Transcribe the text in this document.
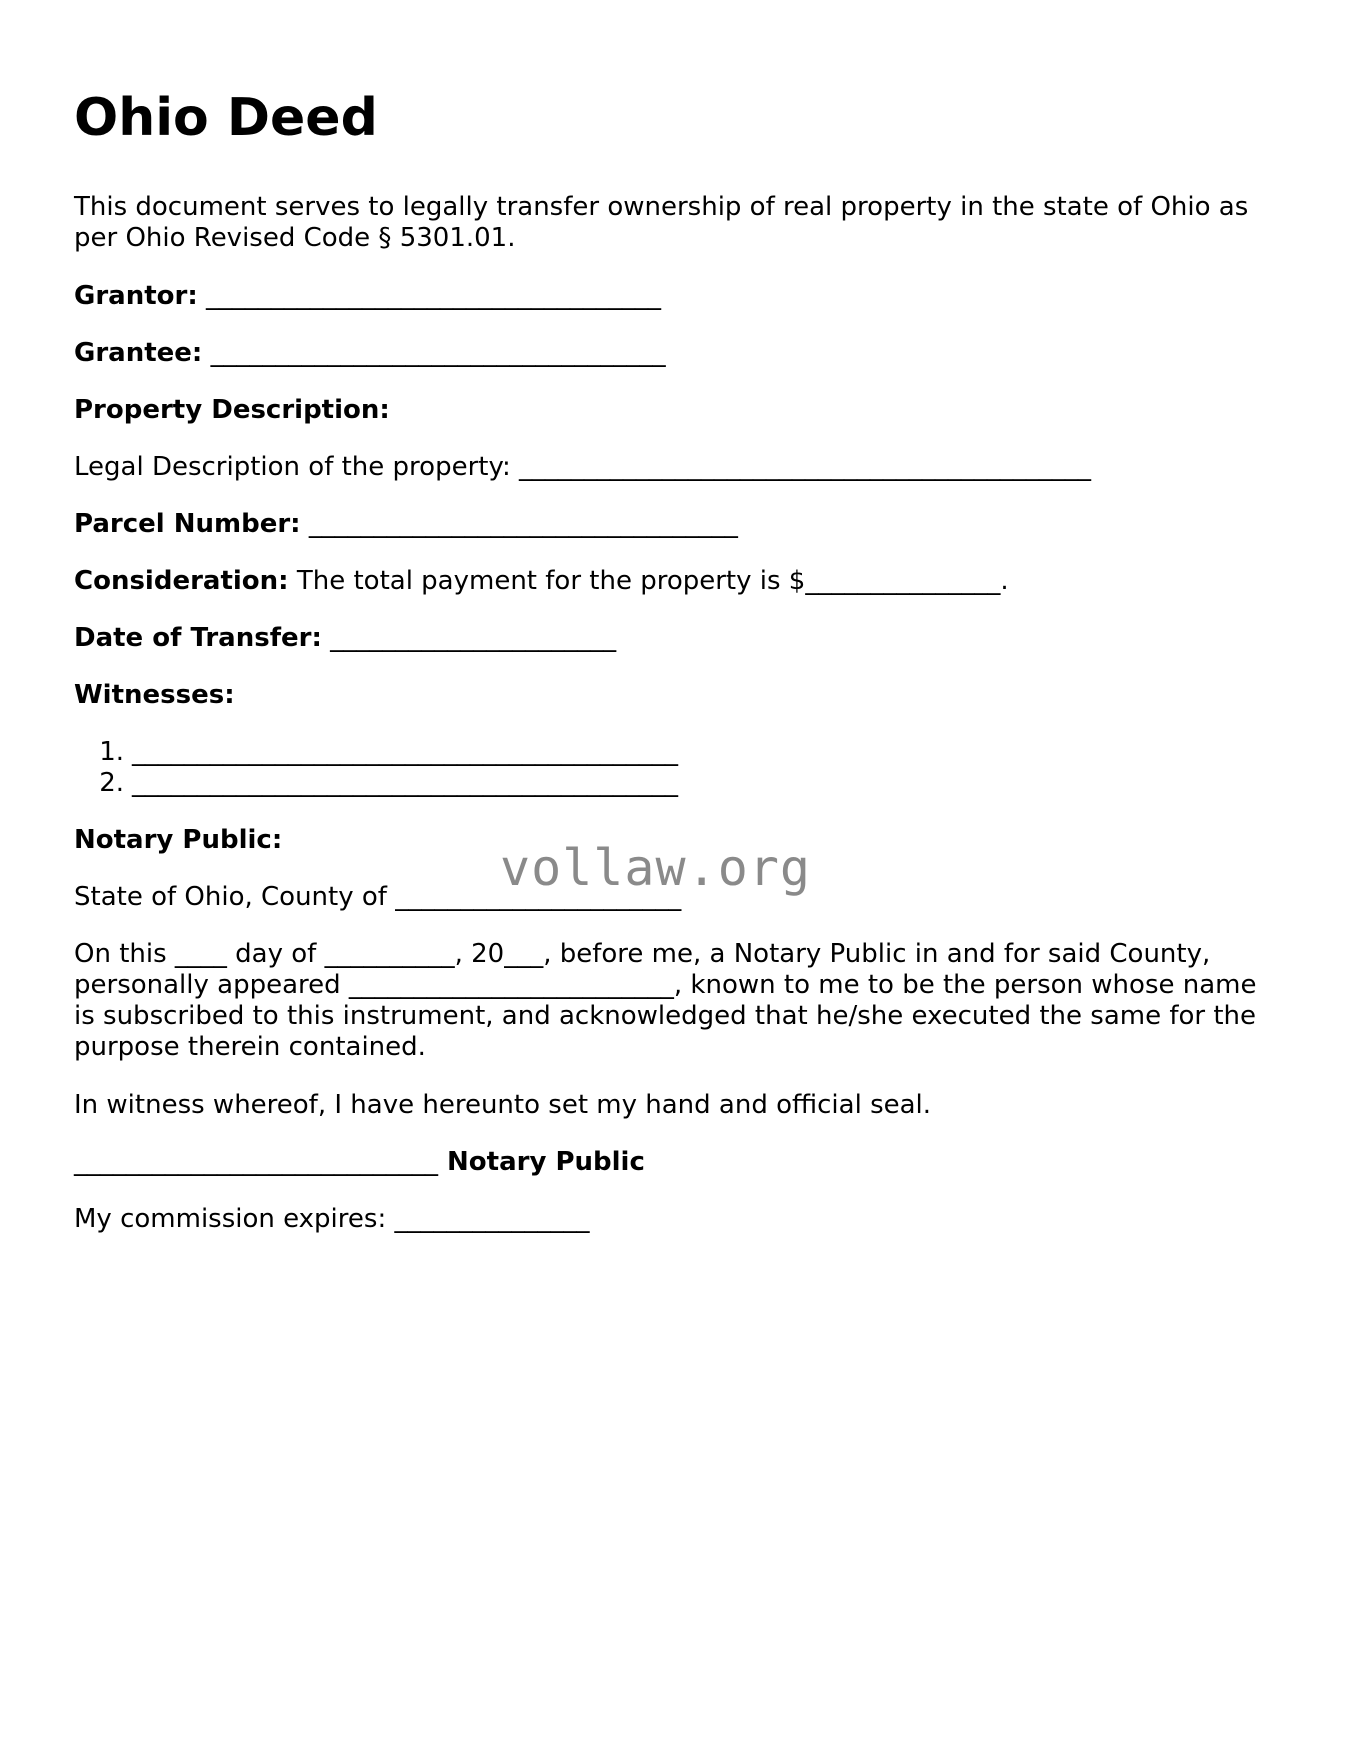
Ohio Deed

This document serves to legally transfer ownership of real property in the state of Ohio as per Ohio Revised Code § 5301.01.

Grantor: ___________________________________

Grantee: ___________________________________

Property Description:

Legal Description of the property: ____________________________________________

Parcel Number: _________________________________

Consideration: The total payment for the property is $_______________.

Date of Transfer: ______________________

Witnesses:

1. __________________________________________
2. __________________________________________

Notary Public:

State of Ohio, County of ______________________

On this ____ day of __________, 20___, before me, a Notary Public in and for said County, personally appeared _________________________, known to me to be the person whose name is subscribed to this instrument, and acknowledged that he/she executed the same for the purpose therein contained.

In witness whereof, I have hereunto set my hand and official seal.

____________________________ Notary Public

My commission expires: _______________

vollaw.org
